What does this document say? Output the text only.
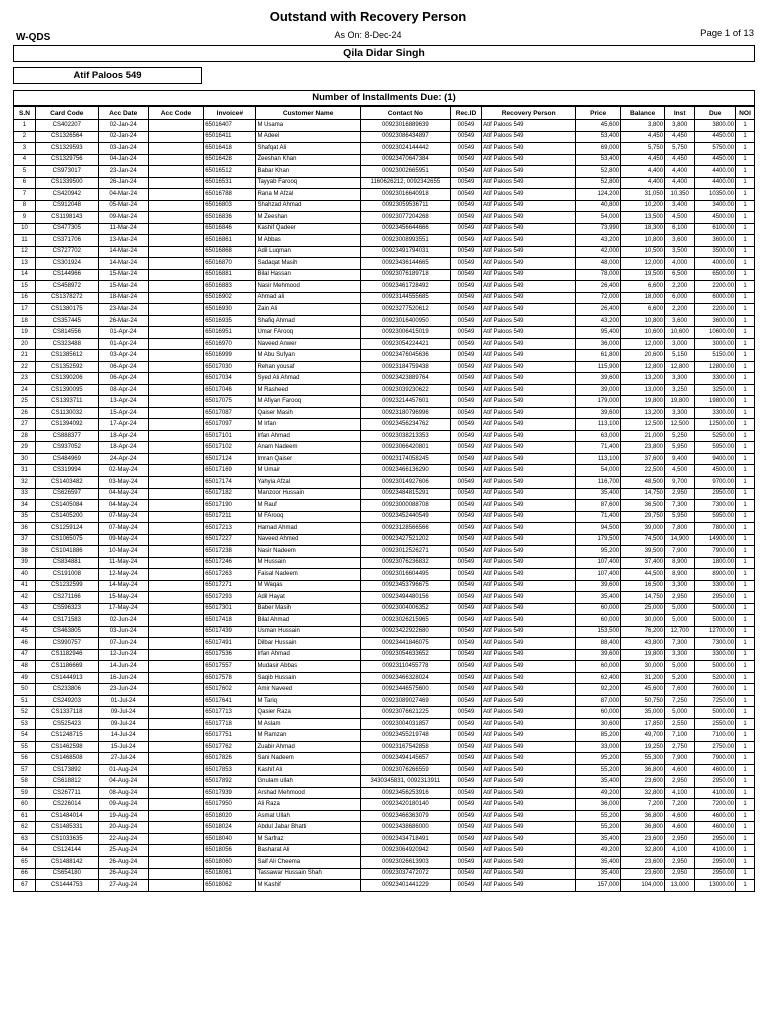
Outstand with Recovery Person
W-QDS	As On: 8-Dec-24	Page 1 of 13
Qila Didar Singh
Atif Paloos 549
Number of Installments Due: (1)
S.N	Card Code	Acc Date	Acc Code	Invoice#	Customer Name	Contact No	Rec.ID	Recovery Person	Price	Balance	Inst	Due	NOI
1	CS402207	02-Jan-24		65016407	M Usama	00923016889639	00549	Atif Paloos 549	45,600	3,800	3,800	3800.00	1
2	CS1326564	02-Jan-24		65016411	M Adeel	00923086434897	00549	Atif Paloos 549	53,400	4,450	4,450	4450.00	1
3	CS1329593	03-Jan-24		65016418	Shafqat Ali	00923024144442	00549	Atif Paloos 549	69,000	5,750	5,750	5750.00	1
4	CS1329756	04-Jan-24		65016428	Zeeshan Khan	00923470647384	00549	Atif Paloos 549	53,400	4,450	4,450	4450.00	1
5	CS973017	23-Jan-24		65016512	Babar Khan	00923002665951	00549	Atif Paloos 549	52,800	4,400	4,400	4400.00	1
6	CS1339500	26-Jan-24		65016531	Tayyab Farooq	1160626212, 0092342655	00549	Atif Paloos 549	52,800	4,400	4,400	4400.00	1
7	CS420942	04-Mar-24		65016788	Rana M Afzal	00923016640918	00549	Atif Paloos 549	124,200	31,050	10,350	10350.00	1
8	CS912048	05-Mar-24		65016803	Shahzad Ahmad	00923059536711	00549	Atif Paloos 549	40,800	10,200	3,400	3400.00	1
9	CS1198143	09-Mar-24		65016836	M Zeeshan	00923077204268	00549	Atif Paloos 549	54,000	13,500	4,500	4500.00	1
10	CS477305	11-Mar-24		65016846	Kashif Qadeer	00923456644666	00549	Atif Paloos 549	73,990	18,300	6,100	6100.00	1
11	CS371706	13-Mar-24		65016861	M Abbas	00923008993551	00549	Atif Paloos 549	43,200	10,800	3,600	3600.00	1
12	CS727702	14-Mar-24		65016868	Adil Luqman	00923491794031	00549	Atif Paloos 549	42,000	10,500	3,500	3500.00	1
13	CS301924	14-Mar-24		65016870	Sadaqat Masih	00923436144665	00549	Atif Paloos 549	48,000	12,000	4,000	4000.00	1
14	CS144966	15-Mar-24		65016881	Bilal Hassan	00923076189718	00549	Atif Paloos 549	78,000	19,500	6,500	6500.00	1
15	CS458972	15-Mar-24		65016883	Nasir Mehmood	00923461728492	00549	Atif Paloos 549	26,400	6,600	2,200	2200.00	1
16	CS1378272	18-Mar-24		65016902	Ahmad ali	00923144555685	00549	Atif Paloos 549	72,000	18,000	6,000	6000.00	1
17	CS1380175	23-Mar-24		65016930	Zain Ali	00923277520612	00549	Atif Paloos 549	26,400	6,600	2,200	2200.00	1
18	CS357445	26-Mar-24		65016935	Shafiq Ahmad	00923016400950	00549	Atif Paloos 549	43,200	10,800	3,600	3600.00	1
19	CS814556	01-Apr-24		65016951	Umar FArooq	00923006415019	00549	Atif Paloos 549	95,400	10,600	10,600	10600.00	1
20	CS323488	01-Apr-24		65016970	Naveed Anwer	00923054224421	00549	Atif Paloos 549	36,000	12,000	3,000	3000.00	1
21	CS1385612	03-Apr-24		65016999	M Abu Sufyan	00923476045636	00549	Atif Paloos 549	61,800	20,600	5,150	5150.00	1
22	CS1352592	06-Apr-24		65017030	Rehan yousaf	00923184759438	00549	Atif Paloos 549	115,900	12,800	12,800	12800.00	1
23	CS1390206	06-Apr-24		65017034	Syed Ali Ahmad	00923423889764	00549	Atif Paloos 549	39,600	13,200	3,300	3300.00	1
24	CS1390095	08-Apr-24		65017046	M Rasheed	00923039230622	00549	Atif Paloos 549	39,000	13,000	3,250	3250.00	1
25	CS1393711	13-Apr-24		65017075	M Afiyan Farooq	00923214457601	00549	Atif Paloos 549	179,000	19,800	19,800	19800.00	1
26	CS1130032	15-Apr-24		65017087	Qaiser Masih	00923180796996	00549	Atif Paloos 549	39,600	13,200	3,300	3300.00	1
27	CS1394092	17-Apr-24		65017097	M Irfan	00923456234762	00549	Atif Paloos 549	113,100	12,500	12,500	12500.00	1
28	CS888377	18-Apr-24		65017101	Irfan Ahmad	00923038213353	00549	Atif Paloos 549	63,000	21,000	5,250	5250.00	1
29	CS937052	18-Apr-24		65017102	Anam Nadeem	00923066420801	00549	Atif Paloos 549	71,400	23,800	5,950	5950.00	1
30	CS484969	24-Apr-24		65017124	Imran Qaiser	00923174058245	00549	Atif Paloos 549	113,100	37,600	9,400	9400.00	1
31	CS319994	02-May-24		65017169	M Umair	00923466136290	00549	Atif Paloos 549	54,000	22,500	4,500	4500.00	1
32	CS1403482	03-May-24		65017174	Yahyia Afzal	00923014927606	00549	Atif Paloos 549	116,700	48,500	9,700	9700.00	1
33	CS626597	04-May-24		65017182	Manzoor Hussain	00923484815291	00549	Atif Paloos 549	35,400	14,750	2,950	2950.00	1
34	CS1405084	04-May-24		65017190	M Rauf	00923000088708	00549	Atif Paloos 549	87,600	36,500	7,300	7300.00	1
35	CS1405200	07-May-24		65017211	M FArooq	00923452440549	00549	Atif Paloos 549	71,400	29,750	5,950	5950.00	1
36	CS1259124	07-May-24		65017213	Hamad Ahmad	00923128566566	00549	Atif Paloos 549	94,500	39,000	7,800	7800.00	1
37	CS1065075	09-May-24		65017227	Naveed Ahmed	00923427521202	00549	Atif Paloos 549	179,500	74,500	14,900	14900.00	1
38	CS1041886	10-May-24		65017238	Nasir Nadeem	00923012526271	00549	Atif Paloos 549	95,200	39,500	7,900	7900.00	1
39	CS834881	11-May-24		65017246	M Hussain	00923076236832	00549	Atif Paloos 549	107,400	37,400	8,900	1800.00	1
40	CS191008	12-May-24		65017263	Faisal Nadeem	00923016604495	00549	Atif Paloos 549	107,400	44,500	8,900	8900.00	1
41	CS1232599	14-May-24		65017271	M Waqas	00923453796675	00549	Atif Paloos 549	39,600	16,500	3,300	3300.00	1
42	CS271166	15-May-24		65017293	Adil Hayat	00923494480156	00549	Atif Paloos 549	35,400	14,750	2,950	2950.00	1
43	CS596323	17-May-24		65017301	Baber Masih	00923004006352	00549	Atif Paloos 549	60,000	25,000	5,000	5000.00	1
44	CS171583	02-Jun-24		65017418	Bilal Ahmad	00923026215965	00549	Atif Paloos 549	60,000	30,000	5,000	5000.00	1
45	CS463805	03-Jun-24		65017439	Usman Hussain	00923422922680	00549	Atif Paloos 549	153,500	76,200	12,700	12700.00	1
46	CS990757	07-Jun-24		65017491	Dilbar Hussain	00923441846075	00549	Atif Paloos 549	88,400	43,800	7,300	7300.00	1
47	CS1182946	12-Jun-24		65017536	Irfan Ahmad	00923054633652	00549	Atif Paloos 549	39,600	19,800	3,300	3300.00	1
48	CS1186669	14-Jun-24		65017557	Mudasir Abbas	00923110455778	00549	Atif Paloos 549	60,000	30,000	5,000	5000.00	1
49	CS1444913	16-Jun-24		65017578	Saqib Hussain	00923466328024	00549	Atif Paloos 549	62,400	31,200	5,200	5200.00	1
50	CS233806	23-Jun-24		65017602	Amir Naveed	00923446575600	00549	Atif Paloos 549	92,200	45,600	7,600	7600.00	1
51	CS249203	01-Jul-24		65017641	M Tariq	00923089027469	00549	Atif Paloos 549	87,000	50,750	7,250	7250.00	1
52	CS1337118	09-Jul-24		65017713	Qasier Raza	00923076621225	00549	Atif Paloos 549	60,000	35,000	5,000	5000.00	1
53	CS525423	09-Jul-24		65017718	M Aslam	00923004031857	00549	Atif Paloos 549	30,600	17,850	2,550	2550.00	1
54	CS1248715	14-Jul-24		65017751	M Ramzan	00923455219748	00549	Atif Paloos 549	85,200	49,700	7,100	7100.00	1
55	CS1462598	15-Jul-24		65017762	Zuabir Ahmad	00923167542858	00549	Atif Paloos 549	33,000	19,250	2,750	2750.00	1
56	CS1468508	27-Jul-24		65017826	Sani Nadeem	00923494145657	00549	Atif Paloos 549	95,200	55,300	7,900	7900.00	1
57	CS173892	01-Aug-24		65017853	Kashif Ali	00923076266559	00549	Atif Paloos 549	55,200	36,800	4,600	4600.00	1
58	CS618812	04-Aug-24		65017892	Gnulam ullah	3430345831, 0092313911	00549	Atif Paloos 549	35,400	23,600	2,950	2950.00	1
59	CS267711	08-Aug-24		65017939	Arshad Mehmood	00923456253916	00549	Atif Paloos 549	49,200	32,800	4,100	4100.00	1
60	CS226014	09-Aug-24		65017950	Ali Raza	00923420180140	00549	Atif Paloos 549	36,000	7,200	7,200	7200.00	1
61	CS1484014	19-Aug-24		65018020	Asmat Ullah	00923466363079	00549	Atif Paloos 549	55,200	36,800	4,600	4600.00	1
62	CS1485331	20-Aug-24		65018024	Abdul Jabar Bhatti	00923438686000	00549	Atif Paloos 549	55,200	36,800	4,600	4600.00	1
63	CS1033635	22-Aug-24		65018040	M Sarfraz	00923434718491	00549	Atif Paloos 549	35,400	23,600	2,950	2950.00	1
64	CS124144	25-Aug-24		65018056	Basharat Ali	00923064920942	00549	Atif Paloos 549	49,200	32,800	4,100	4100.00	1
65	CS1488142	26-Aug-24		65018060	Saif Ali Cheema	00923026613903	00549	Atif Paloos 549	35,400	23,600	2,950	2950.00	1
66	CS654180	26-Aug-24		65018061	Tassawar Hussain Shah	00923037472072	00549	Atif Paloos 549	35,400	23,600	2,950	2950.00	1
67	CS1444753	27-Aug-24		65018062	M Kashif	00923401441229	00549	Atif Paloos 549	157,000	104,000	13,000	13000.00	1
